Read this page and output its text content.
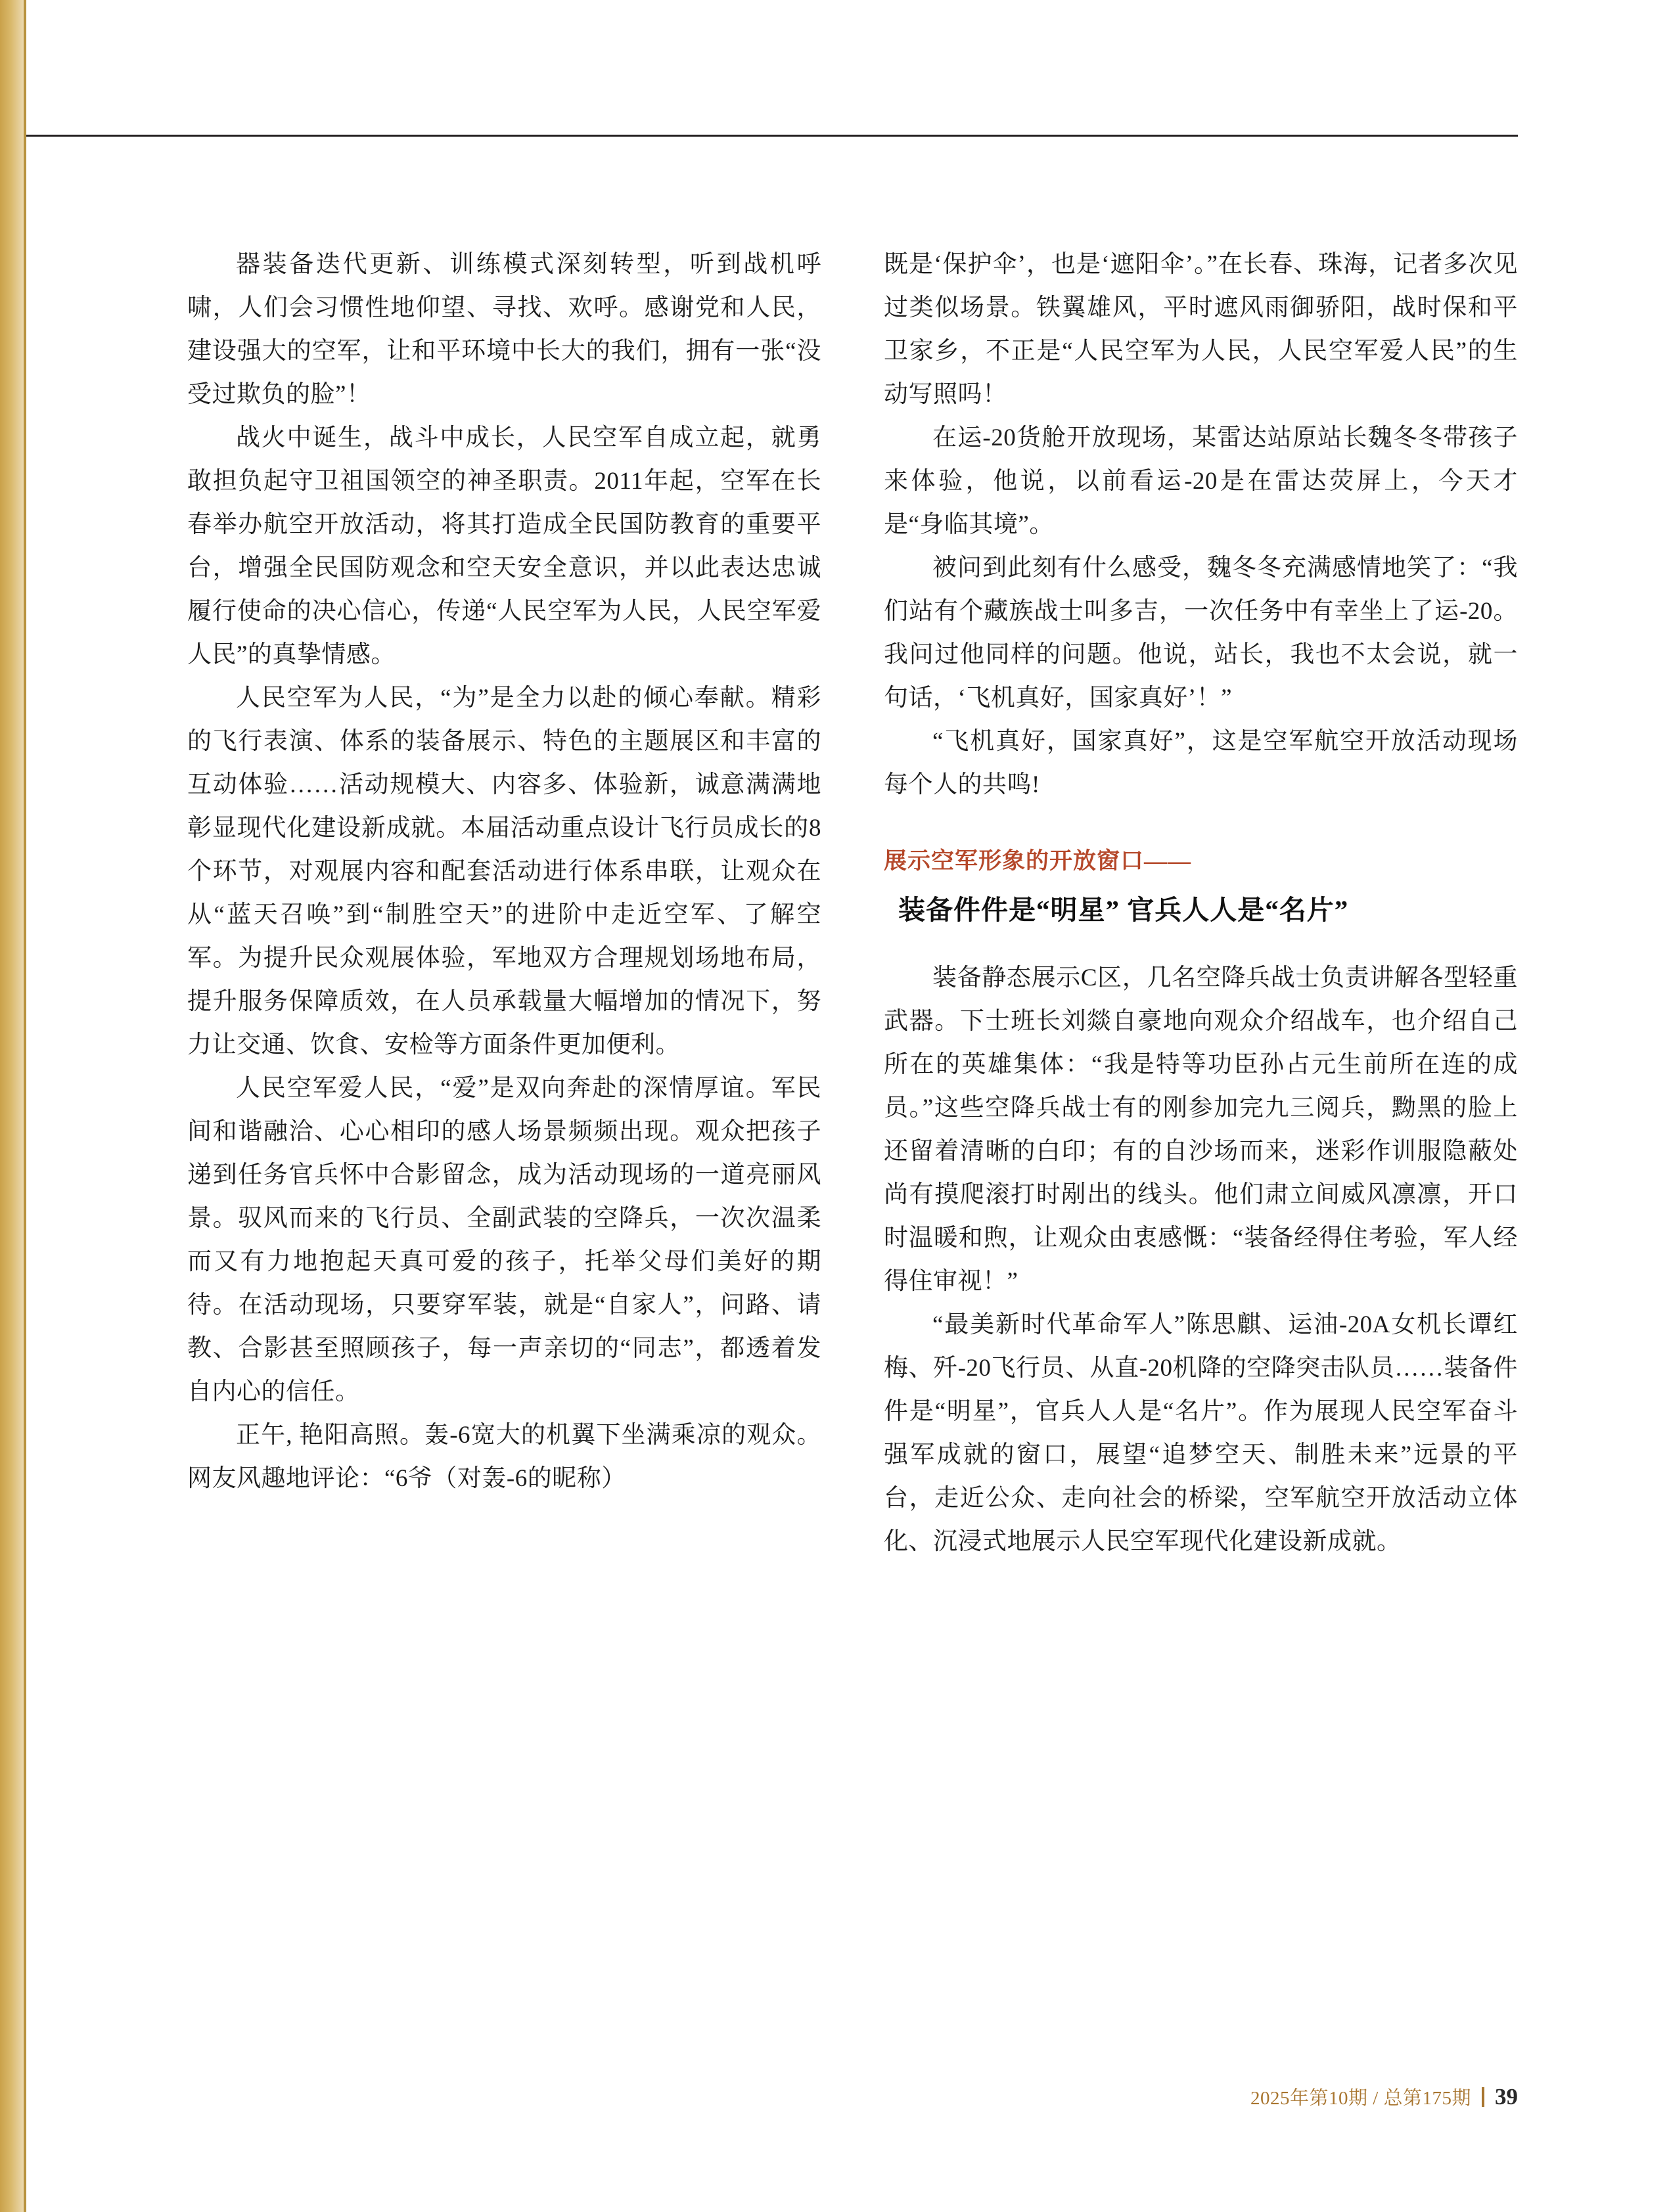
器装备迭代更新、训练模式深刻转型，听到战机呼啸，人们会习惯性地仰望、寻找、欢呼。感谢党和人民，建设强大的空军，让和平环境中长大的我们，拥有一张“没受过欺负的脸”！

战火中诞生，战斗中成长，人民空军自成立起，就勇敢担负起守卫祖国领空的神圣职责。2011年起，空军在长春举办航空开放活动，将其打造成全民国防教育的重要平台，增强全民国防观念和空天安全意识，并以此表达忠诚履行使命的决心信心，传递“人民空军为人民，人民空军爱人民”的真挚情感。

人民空军为人民，“为”是全力以赴的倾心奉献。精彩的飞行表演、体系的装备展示、特色的主题展区和丰富的互动体验……活动规模大、内容多、体验新，诚意满满地彰显现代化建设新成就。本届活动重点设计飞行员成长的8个环节，对观展内容和配套活动进行体系串联，让观众在从“蓝天召唤”到“制胜空天”的进阶中走近空军、了解空军。为提升民众观展体验，军地双方合理规划场地布局，提升服务保障质效，在人员承载量大幅增加的情况下，努力让交通、饮食、安检等方面条件更加便利。

人民空军爱人民，“爱”是双向奔赴的深情厚谊。军民间和谐融洽、心心相印的感人场景频频出现。观众把孩子递到任务官兵怀中合影留念，成为活动现场的一道亮丽风景。驭风而来的飞行员、全副武装的空降兵，一次次温柔而又有力地抱起天真可爱的孩子，托举父母们美好的期待。在活动现场，只要穿军装，就是“自家人”，问路、请教、合影甚至照顾孩子，每一声亲切的“同志”，都透着发自内心的信任。

正午, 艳阳高照。轰-6宽大的机翼下坐满乘凉的观众。网友风趣地评论：“6爷（对轰-6的昵称）

既是‘保护伞’，也是‘遮阳伞’。”在长春、珠海，记者多次见过类似场景。铁翼雄风，平时遮风雨御骄阳，战时保和平卫家乡，不正是“人民空军为人民，人民空军爱人民”的生动写照吗！

在运-20货舱开放现场，某雷达站原站长魏冬冬带孩子来体验，他说，以前看运-20是在雷达荧屏上，今天才是“身临其境”。

被问到此刻有什么感受，魏冬冬充满感情地笑了：“我们站有个藏族战士叫多吉，一次任务中有幸坐上了运-20。我问过他同样的问题。他说，站长，我也不太会说，就一句话，‘飞机真好，国家真好’！”

“飞机真好，国家真好”，这是空军航空开放活动现场每个人的共鸣!

展示空军形象的开放窗口——
装备件件是“明星” 官兵人人是“名片”

装备静态展示C区，几名空降兵战士负责讲解各型轻重武器。下士班长刘燚自豪地向观众介绍战车，也介绍自己所在的英雄集体：“我是特等功臣孙占元生前所在连的成员。”这些空降兵战士有的刚参加完九三阅兵，黝黑的脸上还留着清晰的白印；有的自沙场而来，迷彩作训服隐蔽处尚有摸爬滚打时剐出的线头。他们肃立间威风凛凛，开口时温暖和煦，让观众由衷感慨：“装备经得住考验，军人经得住审视！”

“最美新时代革命军人”陈思麒、运油-20A女机长谭红梅、歼-20飞行员、从直-20机降的空降突击队员……装备件件是“明星”，官兵人人是“名片”。作为展现人民空军奋斗强军成就的窗口，展望“追梦空天、制胜未来”远景的平台，走近公众、走向社会的桥梁，空军航空开放活动立体化、沉浸式地展示人民空军现代化建设新成就。

2025年第10期 / 总第175期 39
